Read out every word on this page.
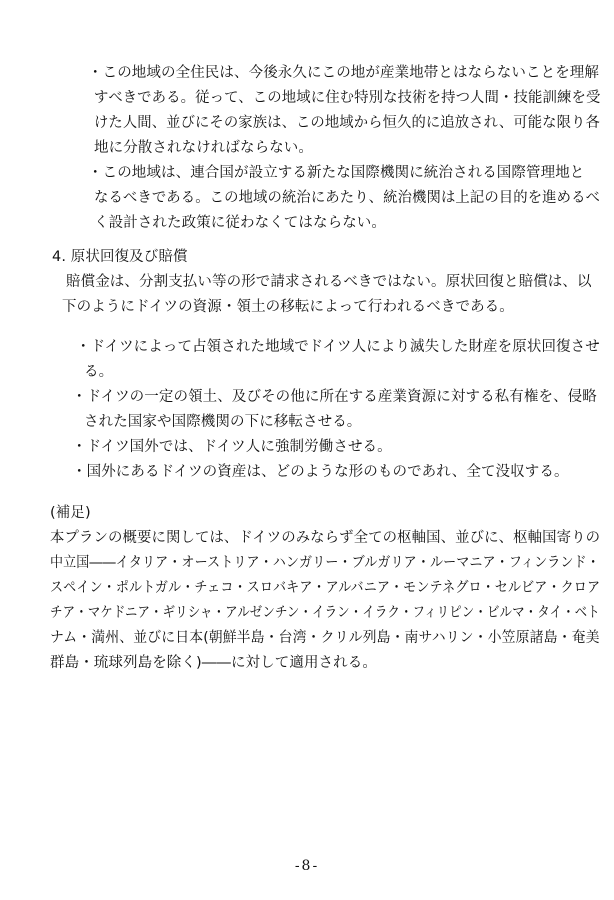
・この地域の全住民は、今後永久にこの地が産業地帯とはならないことを理解
すべきである。従って、この地域に住む特別な技術を持つ人間・技能訓練を受
けた人間、並びにその家族は、この地域から恒久的に追放され、可能な限り各
地に分散されなければならない。
・この地域は、連合国が設立する新たな国際機関に統治される国際管理地と
なるべきである。この地域の統治にあたり、統治機関は上記の目的を進めるべ
く設計された政策に従わなくてはならない。
4. 原状回復及び賠償
賠償金は、分割支払い等の形で請求されるべきではない。原状回復と賠償は、以
下のようにドイツの資源・領土の移転によって行われるべきである。
・ドイツによって占領された地域でドイツ人により滅失した財産を原状回復させ
る。
・ドイツの一定の領土、及びその他に所在する産業資源に対する私有権を、侵略
された国家や国際機関の下に移転させる。
・ドイツ国外では、ドイツ人に強制労働させる。
・国外にあるドイツの資産は、どのような形のものであれ、全て没収する。
(補足)
本プランの概要に関しては、ドイツのみならず全ての枢軸国、並びに、枢軸国寄りの
中立国――イタリア・オーストリア・ハンガリー・ブルガリア・ルーマニア・フィンランド・
スペイン・ポルトガル・チェコ・スロバキア・アルバニア・モンテネグロ・セルビア・クロア
チア・マケドニア・ギリシャ・アルゼンチン・イラン・イラク・フィリピン・ビルマ・タイ・ベト
ナム・満州、並びに日本(朝鮮半島・台湾・クリル列島・南サハリン・小笠原諸島・奄美
群島・琉球列島を除く)――に対して適用される。
-8-
